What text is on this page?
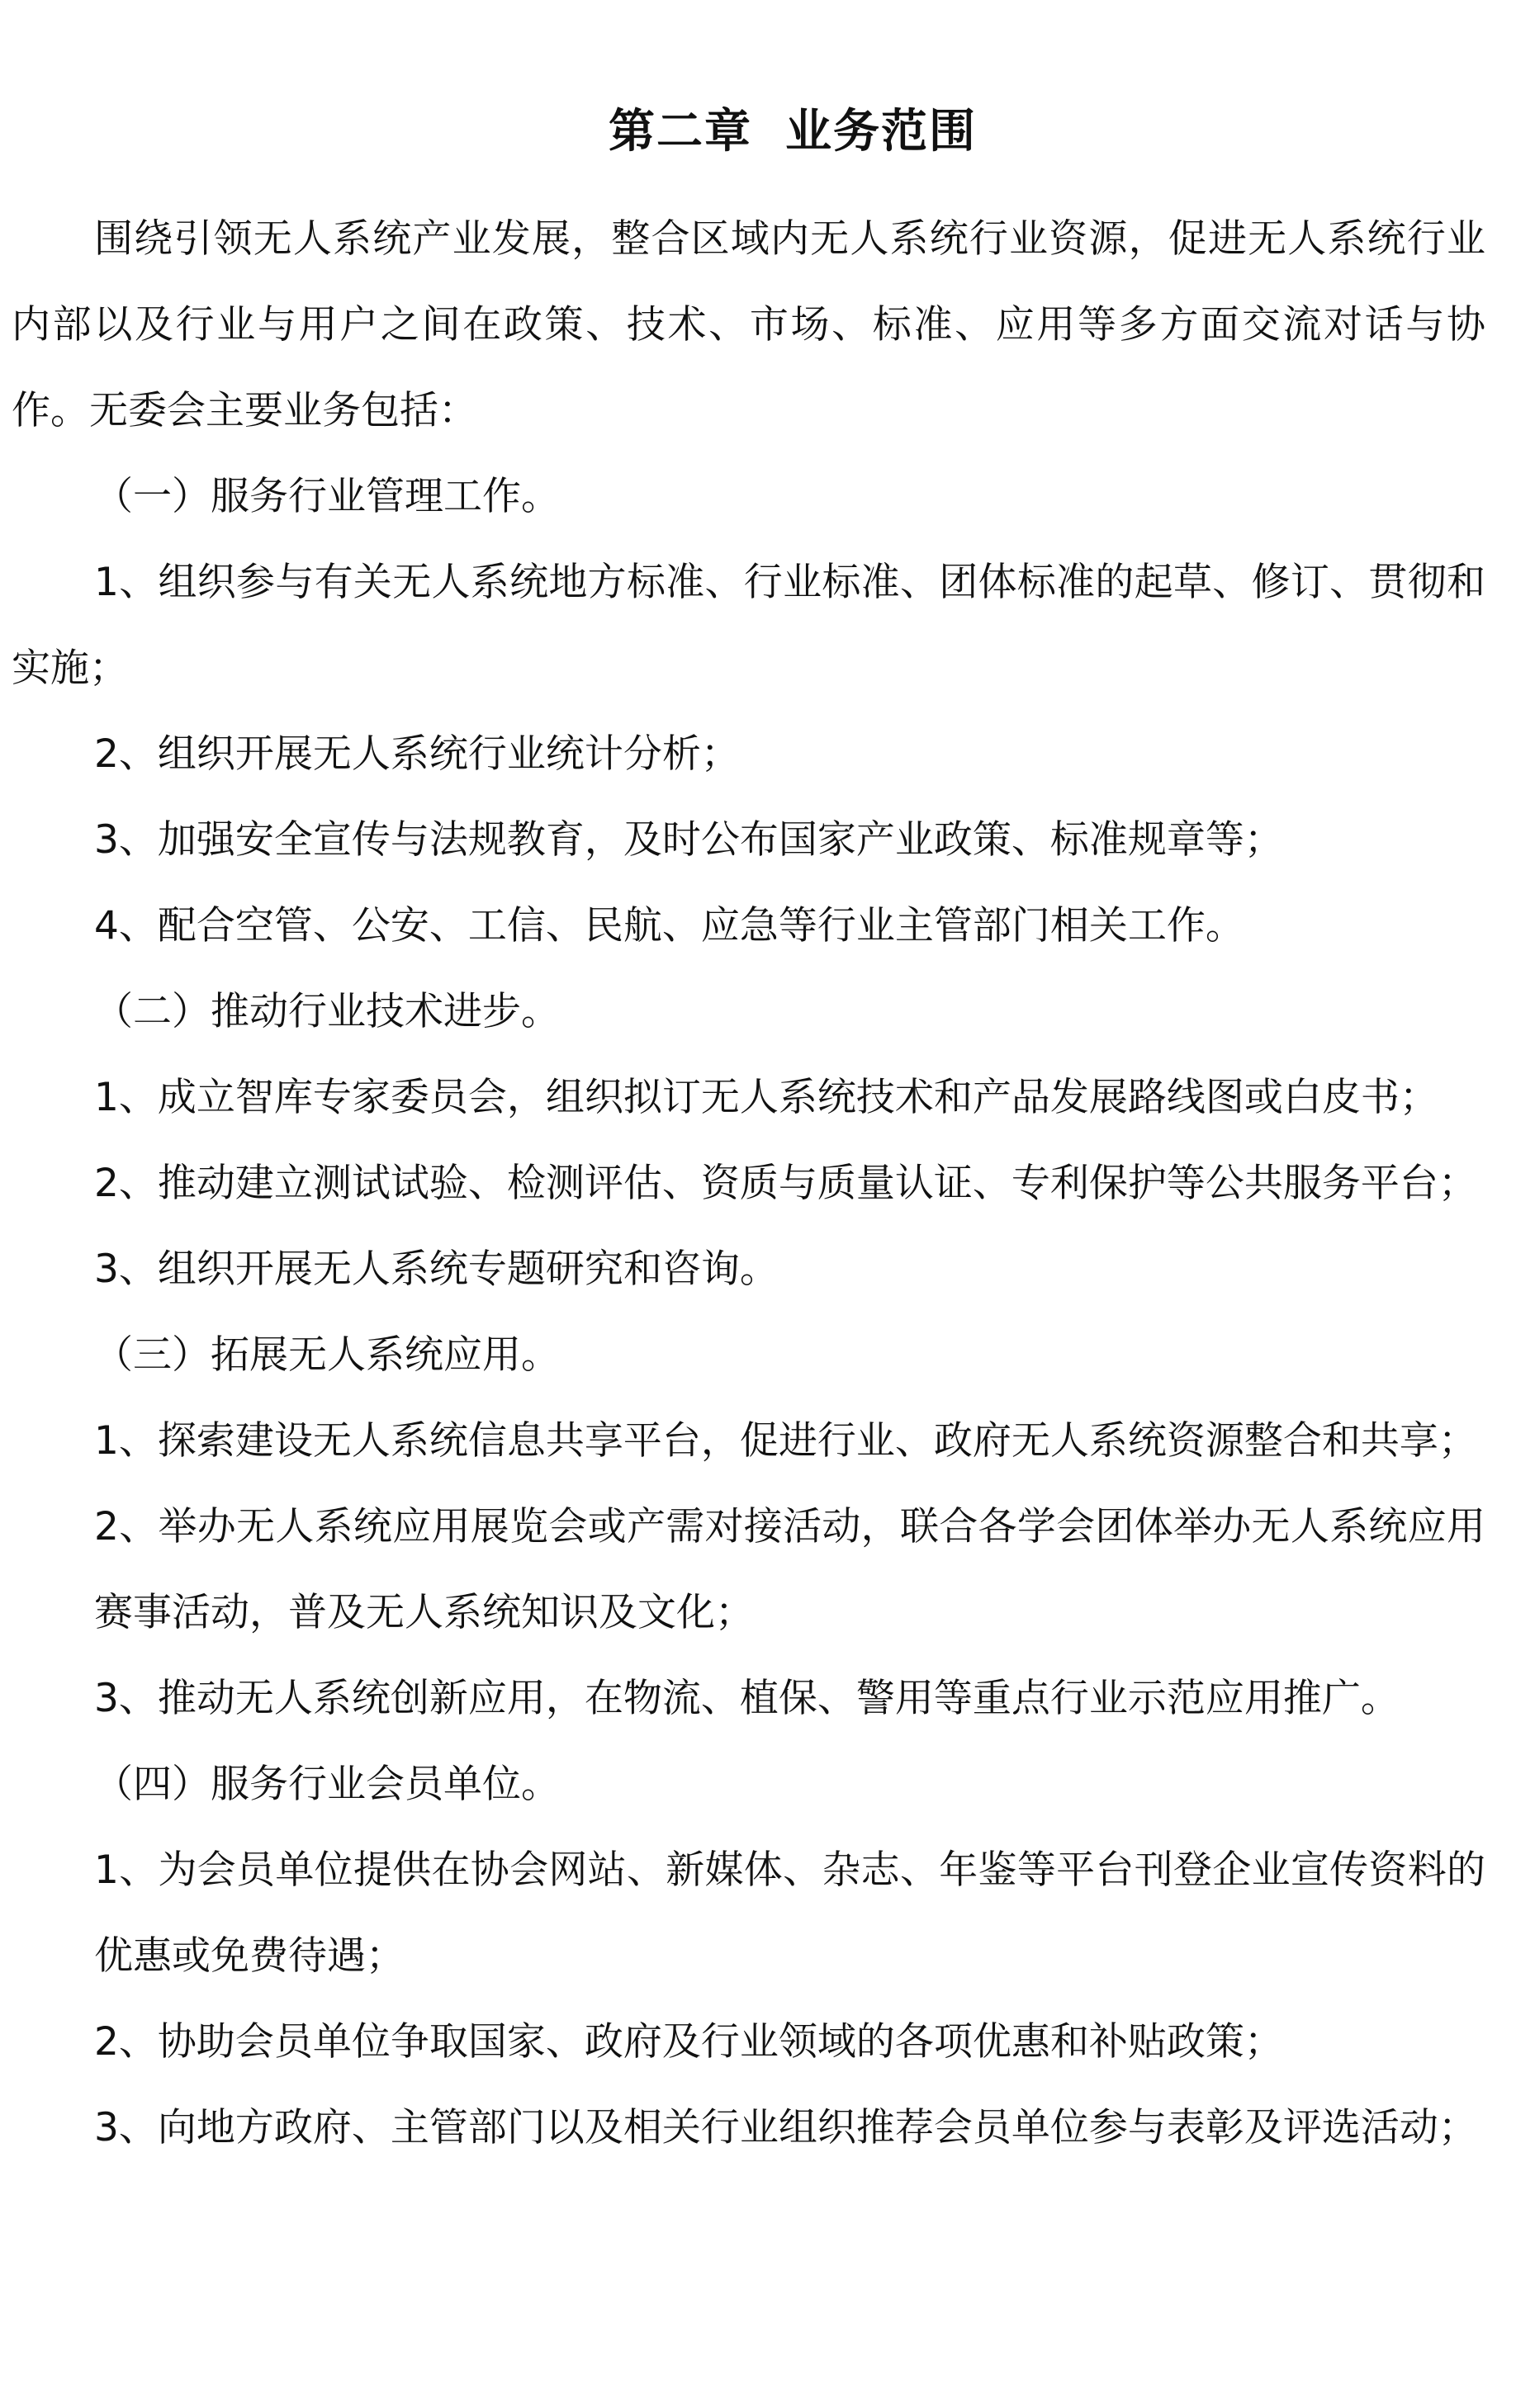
第二章 业务范围

围绕引领无人系统产业发展，整合区域内无人系统行业资源，促进无人系统行业内部以及行业与用户之间在政策、技术、市场、标准、应用等多方面交流对话与协作。无委会主要业务包括：

（一）服务行业管理工作。

1、组织参与有关无人系统地方标准、行业标准、团体标准的起草、修订、贯彻和实施；

2、组织开展无人系统行业统计分析；

3、加强安全宣传与法规教育，及时公布国家产业政策、标准规章等；

4、配合空管、公安、工信、民航、应急等行业主管部门相关工作。

（二）推动行业技术进步。

1、成立智库专家委员会，组织拟订无人系统技术和产品发展路线图或白皮书；

2、推动建立测试试验、检测评估、资质与质量认证、专利保护等公共服务平台；

3、组织开展无人系统专题研究和咨询。

（三）拓展无人系统应用。

1、探索建设无人系统信息共享平台，促进行业、政府无人系统资源整合和共享；

2、举办无人系统应用展览会或产需对接活动，联合各学会团体举办无人系统应用赛事活动，普及无人系统知识及文化；

3、推动无人系统创新应用，在物流、植保、警用等重点行业示范应用推广。

（四）服务行业会员单位。

1、为会员单位提供在协会网站、新媒体、杂志、年鉴等平台刊登企业宣传资料的优惠或免费待遇；

2、协助会员单位争取国家、政府及行业领域的各项优惠和补贴政策；

3、向地方政府、主管部门以及相关行业组织推荐会员单位参与表彰及评选活动；
